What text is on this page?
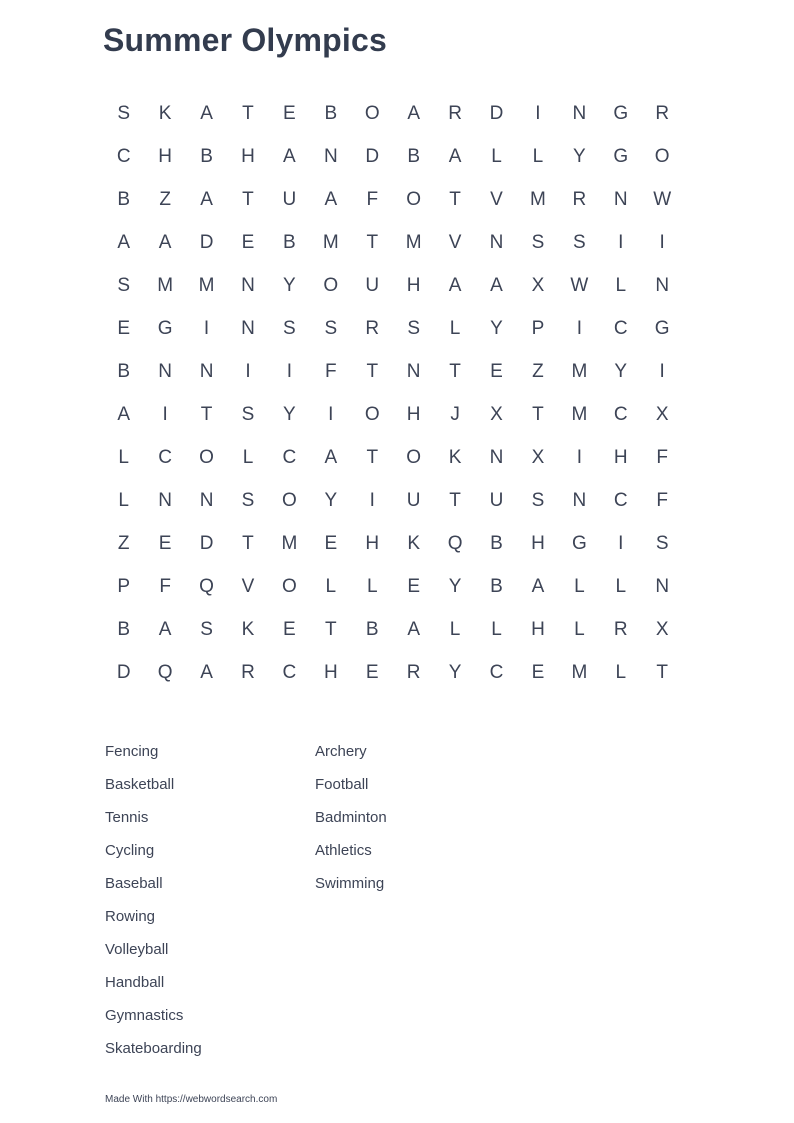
Summer Olympics
S	K	A	T	E	B	O	A	R	D	I	N	G	R
C	H	B	H	A	N	D	B	A	L	L	Y	G	O
B	Z	A	T	U	A	F	O	T	V	M	R	N	W
A	A	D	E	B	M	T	M	V	N	S	S	I	I
S	M	M	N	Y	O	U	H	A	A	X	W	L	N
E	G	I	N	S	S	R	S	L	Y	P	I	C	G
B	N	N	I	I	F	T	N	T	E	Z	M	Y	I
A	I	T	S	Y	I	O	H	J	X	T	M	C	X
L	C	O	L	C	A	T	O	K	N	X	I	H	F
L	N	N	S	O	Y	I	U	T	U	S	N	C	F
Z	E	D	T	M	E	H	K	Q	B	H	G	I	S
P	F	Q	V	O	L	L	E	Y	B	A	L	L	N
B	A	S	K	E	T	B	A	L	L	H	L	R	X
D	Q	A	R	C	H	E	R	Y	C	E	M	L	T
Fencing
Basketball
Tennis
Cycling
Baseball
Rowing
Volleyball
Handball
Gymnastics
Skateboarding
Archery
Football
Badminton
Athletics
Swimming
Made With https://webwordsearch.com
